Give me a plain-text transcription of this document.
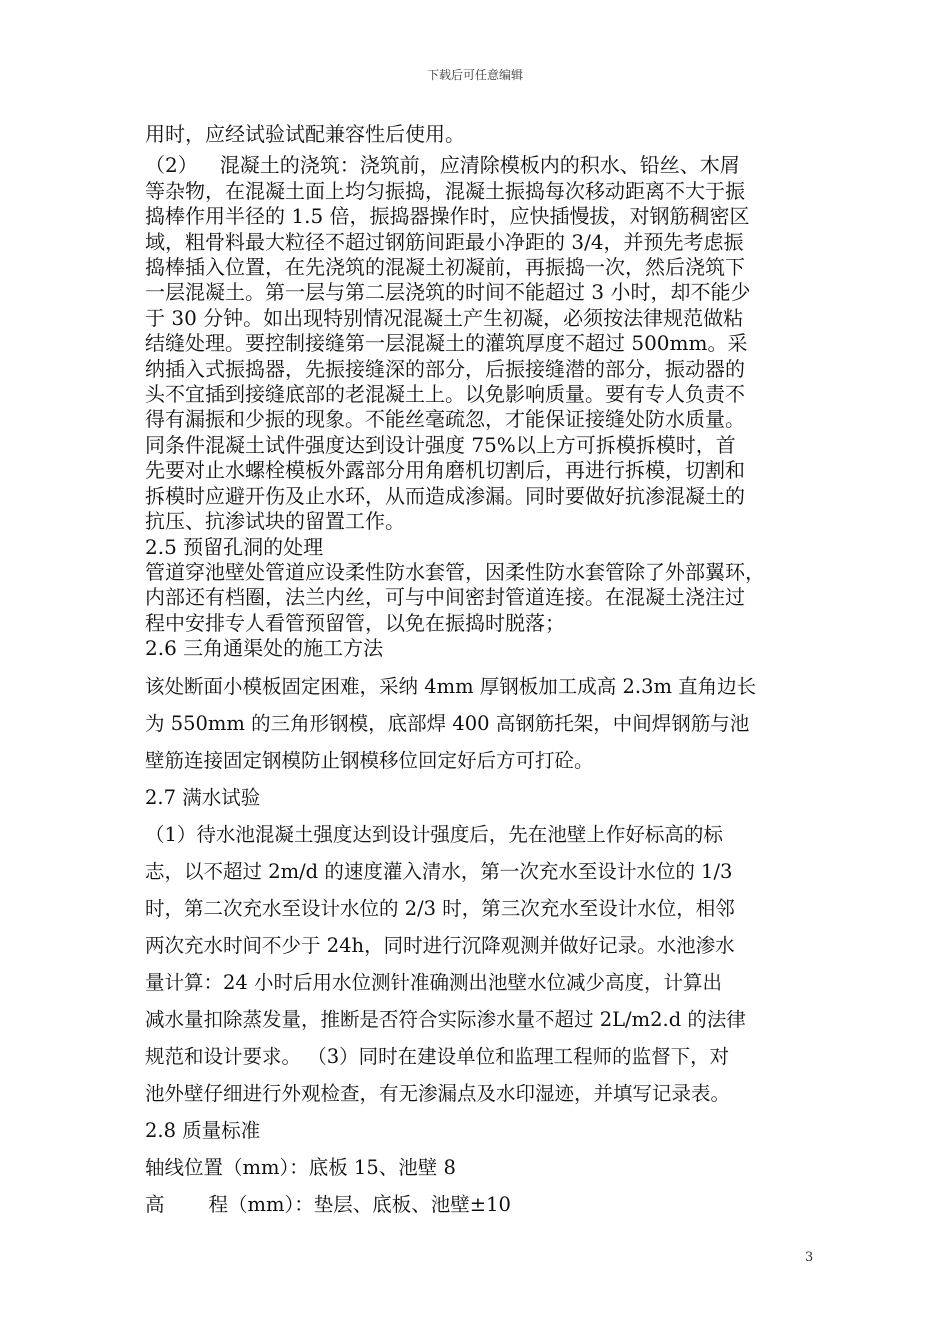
下载后可任意编辑

用时，应经试验试配兼容性后使用。

（2） 混凝土的浇筑：浇筑前，应清除模板内的积水、铅丝、木屑

等杂物，在混凝土面上均匀振捣，混凝土振捣每次移动距离不大于振

捣棒作用半径的 1.5 倍，振捣器操作时，应快插慢拔，对钢筋稠密区

域，粗骨料最大粒径不超过钢筋间距最小净距的 3/4，并预先考虑振

捣棒插入位置，在先浇筑的混凝土初凝前，再振捣一次，然后浇筑下

一层混凝土。第一层与第二层浇筑的时间不能超过 3 小时，却不能少

于 30 分钟。如出现特别情况混凝土产生初凝，必须按法律规范做粘

结缝处理。要控制接缝第一层混凝土的灌筑厚度不超过 500mm。采

纳插入式振捣器，先振接缝深的部分，后振接缝潜的部分，振动器的

头不宜插到接缝底部的老混凝土上。以免影响质量。要有专人负责不

得有漏振和少振的现象。不能丝毫疏忽，才能保证接缝处防水质量。

同条件混凝土试件强度达到设计强度 75%以上方可拆模拆模时，首

先要对止水螺栓模板外露部分用角磨机切割后，再进行拆模，切割和

拆模时应避开伤及止水环，从而造成渗漏。同时要做好抗渗混凝土的

抗压、抗渗试块的留置工作。

2.5 预留孔洞的处理

管道穿池壁处管道应设柔性防水套管，因柔性防水套管除了外部翼环，

内部还有档圈，法兰内丝，可与中间密封管道连接。在混凝土浇注过

程中安排专人看管预留管，以免在振捣时脱落；

2.6 三角通渠处的施工方法

该处断面小模板固定困难，采纳 4mm 厚钢板加工成高 2.3m 直角边长

为 550mm 的三角形钢模，底部焊 400 高钢筋托架，中间焊钢筋与池

壁筋连接固定钢模防止钢模移位回定好后方可打砼。

2.7 满水试验

（1）待水池混凝土强度达到设计强度后，先在池壁上作好标高的标

志，以不超过 2m/d 的速度灌入清水，第一次充水至设计水位的 1/3

时，第二次充水至设计水位的 2/3 时，第三次充水至设计水位，相邻

两次充水时间不少于 24h，同时进行沉降观测并做好记录。水池渗水

量计算：24 小时后用水位测针准确测出池壁水位减少高度，计算出

减水量扣除蒸发量，推断是否符合实际渗水量不超过 2L/m2.d 的法律

规范和设计要求。 （3）同时在建设单位和监理工程师的监督下，对

池外壁仔细进行外观检查，有无渗漏点及水印湿迹，并填写记录表。

2.8 质量标准

轴线位置（mm）：底板 15、池壁 8

高 程（mm）：垫层、底板、池壁±10

3
